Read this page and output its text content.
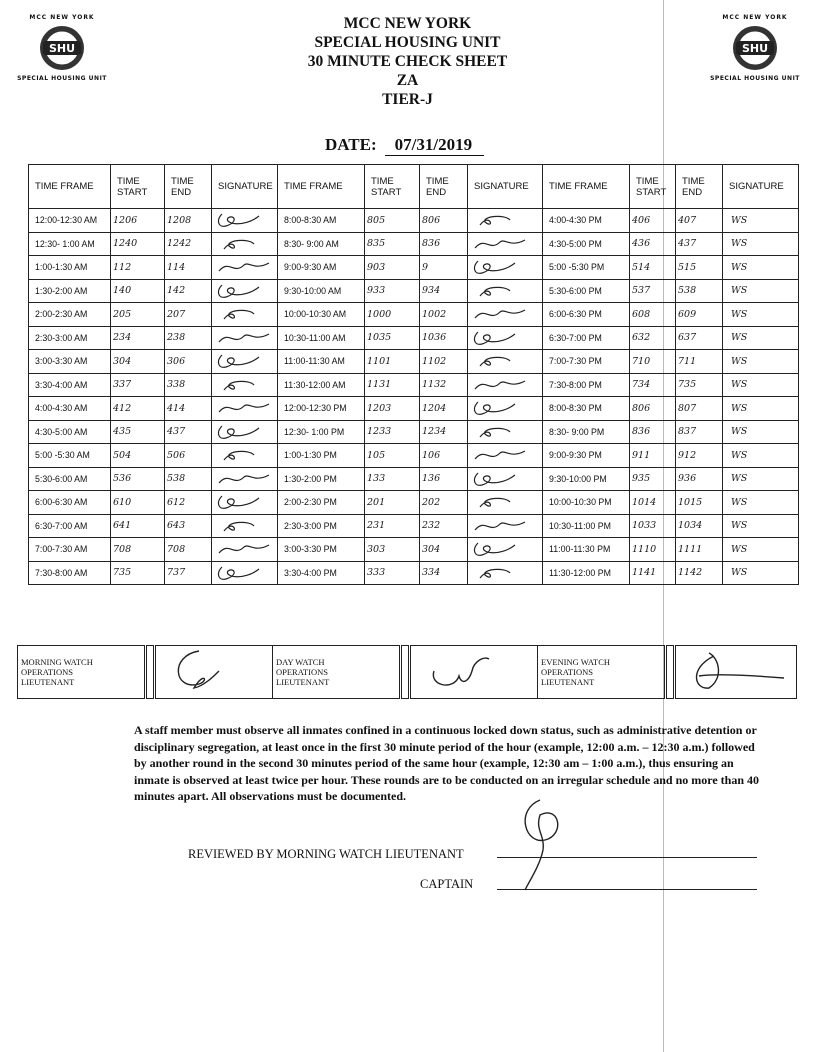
MCC NEW YORK
SHU
SPECIAL HOUSING UNIT
MCC NEW YORK
SHU
SPECIAL HOUSING UNIT
MCC NEW YORK
SPECIAL HOUSING UNIT
30 MINUTE CHECK SHEET
ZA
TIER-J
DATE: 07/31/2019
TIME FRAME	TIME START	TIME END	SIGNATURE	TIME FRAME	TIME START	TIME END	SIGNATURE	TIME FRAME	TIME START	TIME END	SIGNATURE
12:00-12:30 AM	1206	1208		8:00-8:30 AM	805	806		4:00-4:30 PM	406	407	WS
12:30- 1:00 AM	1240	1242		8:30- 9:00 AM	835	836		4:30-5:00 PM	436	437	WS
1:00-1:30 AM	112	114		9:00-9:30 AM	903	9		5:00 -5:30 PM	514	515	WS
1:30-2:00 AM	140	142		9:30-10:00 AM	933	934		5:30-6:00 PM	537	538	WS
2:00-2:30 AM	205	207		10:00-10:30 AM	1000	1002		6:00-6:30 PM	608	609	WS
2:30-3:00 AM	234	238		10:30-11:00 AM	1035	1036		6:30-7:00 PM	632	637	WS
3:00-3:30 AM	304	306		11:00-11:30 AM	1101	1102		7:00-7:30 PM	710	711	WS
3:30-4:00 AM	337	338		11:30-12:00 AM	1131	1132		7:30-8:00 PM	734	735	WS
4:00-4:30 AM	412	414		12:00-12:30 PM	1203	1204		8:00-8:30 PM	806	807	WS
4:30-5:00 AM	435	437		12:30- 1:00 PM	1233	1234		8:30- 9:00 PM	836	837	WS
5:00 -5:30 AM	504	506		1:00-1:30 PM	105	106		9:00-9:30 PM	911	912	WS
5:30-6:00 AM	536	538		1:30-2:00 PM	133	136		9:30-10:00 PM	935	936	WS
6:00-6:30 AM	610	612		2:00-2:30 PM	201	202		10:00-10:30 PM	1014	1015	WS
6:30-7:00 AM	641	643		2:30-3:00 PM	231	232		10:30-11:00 PM	1033	1034	WS
7:00-7:30 AM	708	708		3:00-3:30 PM	303	304		11:00-11:30 PM	1110	1111	WS
7:30-8:00 AM	735	737		3:30-4:00 PM	333	334		11:30-12:00 PM	1141	1142	WS
MORNING WATCH
OPERATIONS
LIEUTENANT

DAY WATCH
OPERATIONS
LIEUTENANT

EVENING WATCH
OPERATIONS
LIEUTENANT

A staff member must observe all inmates confined in a continuous locked down status, such as administrative detention or disciplinary segregation, at least once in the first 30 minute period of the hour (example, 12:00 a.m. – 12:30 a.m.) followed by another round in the second 30 minutes period of the same hour (example, 12:30 am – 1:00 a.m.), thus ensuring an inmate is observed at least twice per hour. These rounds are to be conducted on an irregular schedule and no more than 40 minutes apart. All observations must be documented.
REVIEWED BY MORNING WATCH LIEUTENANT
CAPTAIN
